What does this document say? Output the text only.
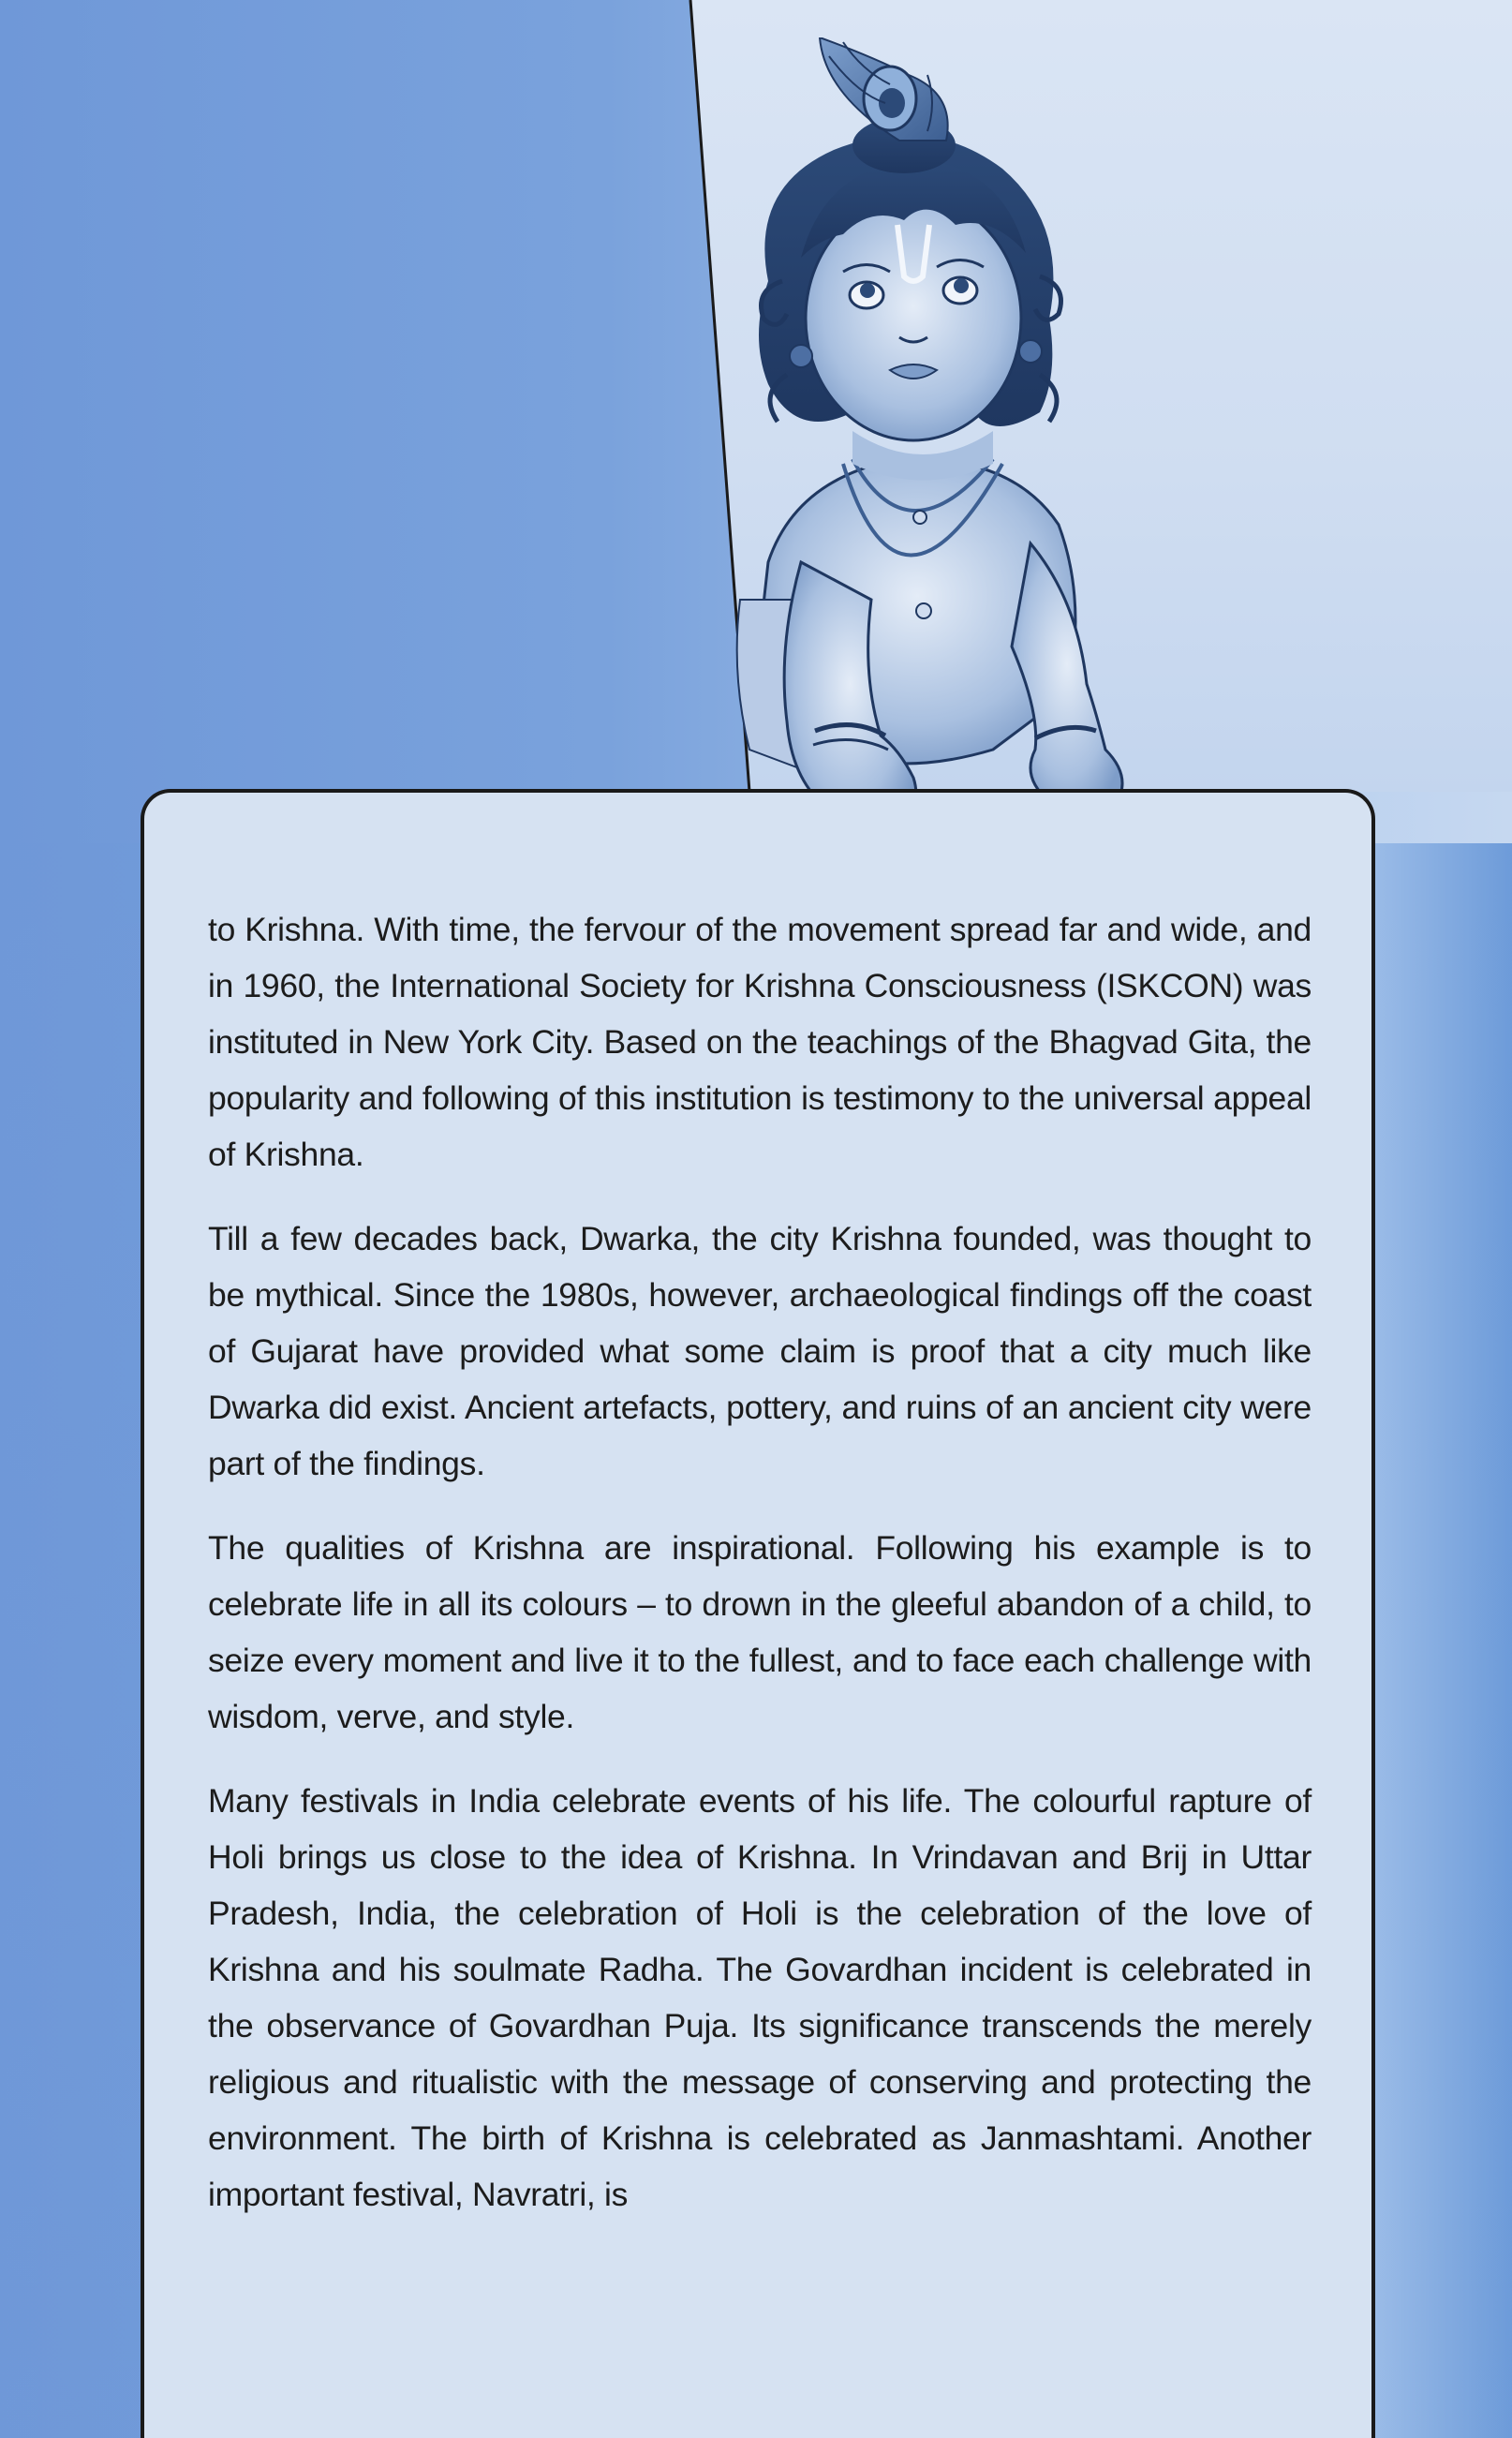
to Krishna. With time, the fervour of the movement spread far and wide, and in 1960, the International Society for Krishna Consciousness (ISKCON) was instituted in New York City. Based on the teachings of the Bhagvad Gita, the popularity and following of this institution is testimony to the universal appeal of Krishna.

Till a few decades back, Dwarka, the city Krishna founded, was thought to be mythical. Since the 1980s, however, archaeological findings off the coast of Gujarat have provided what some claim is proof that a city much like Dwarka did exist. Ancient artefacts, pottery, and ruins of an ancient city were part of the findings.

The qualities of Krishna are inspirational. Following his example is to celebrate life in all its colours – to drown in the gleeful abandon of a child, to seize every moment and live it to the fullest, and to face each challenge with wisdom, verve, and style.

Many festivals in India celebrate events of his life. The colourful rapture of Holi brings us close to the idea of Krishna. In Vrindavan and Brij in Uttar Pradesh, India, the celebration of Holi is the celebration of the love of Krishna and his soulmate Radha. The Govardhan incident is celebrated in the observance of Govardhan Puja. Its significance transcends the merely religious and ritualistic with the message of conserving and protecting the environment. The birth of Krishna is celebrated as Janmashtami. Another important festival, Navratri, is
